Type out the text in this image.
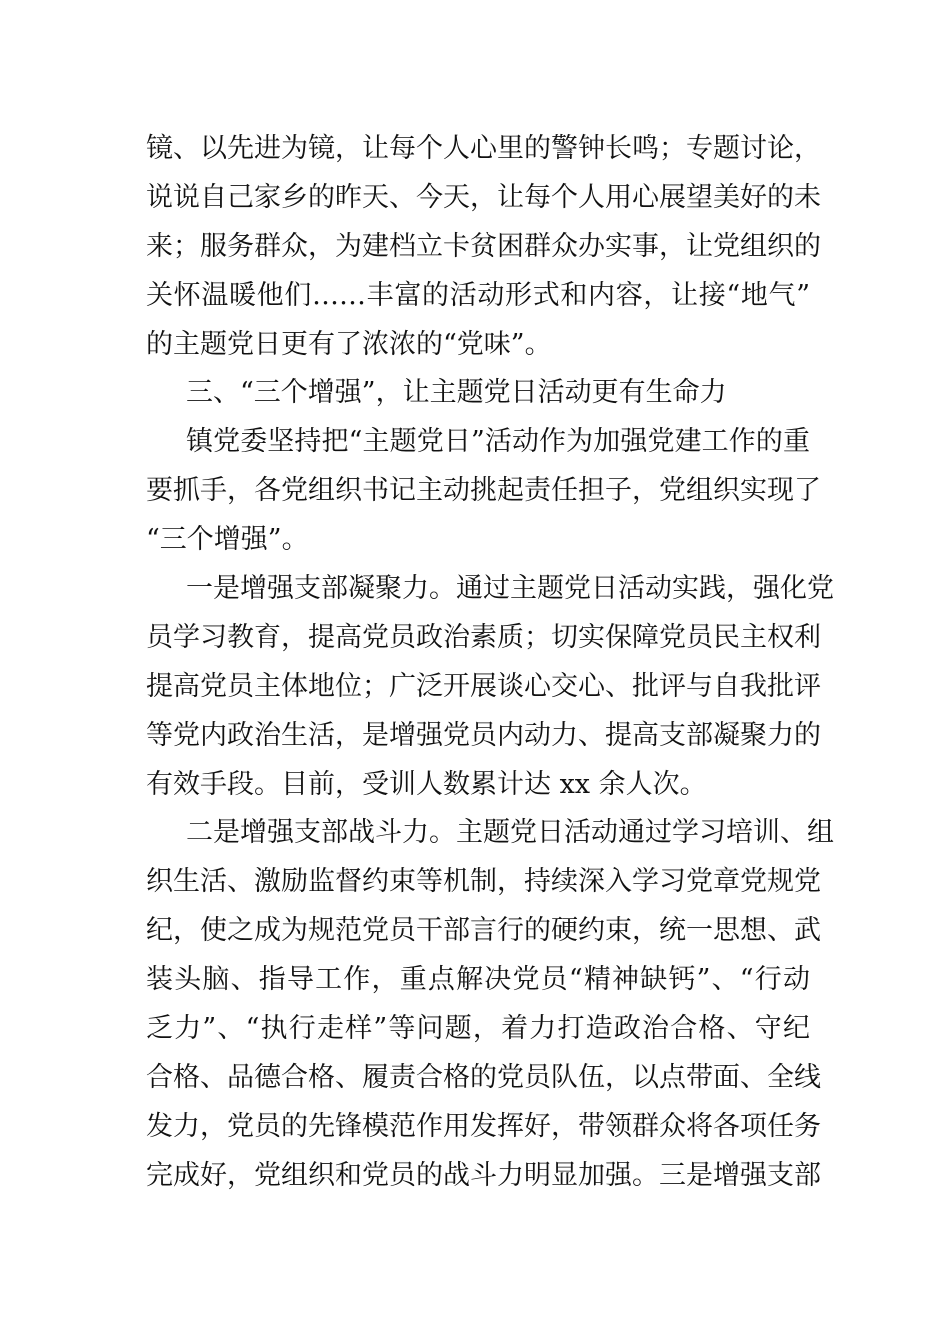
镜、以先进为镜，让每个人心里的警钟长鸣；专题讨论，
说说自己家乡的昨天、今天，让每个人用心展望美好的未
来；服务群众，为建档立卡贫困群众办实事，让党组织的
关怀温暖他们……丰富的活动形式和内容，让接“地气”
的主题党日更有了浓浓的“党味”。
三、“三个增强”，让主题党日活动更有生命力
镇党委坚持把“主题党日”活动作为加强党建工作的重
要抓手，各党组织书记主动挑起责任担子，党组织实现了
“三个增强”。
一是增强支部凝聚力。通过主题党日活动实践，强化党
员学习教育，提高党员政治素质；切实保障党员民主权利
提高党员主体地位；广泛开展谈心交心、批评与自我批评
等党内政治生活，是增强党员内动力、提高支部凝聚力的
有效手段。目前，受训人数累计达 xx 余人次。
二是增强支部战斗力。主题党日活动通过学习培训、组
织生活、激励监督约束等机制，持续深入学习党章党规党
纪，使之成为规范党员干部言行的硬约束，统一思想、武
装头脑、指导工作，重点解决党员“精神缺钙”、“行动
乏力”、“执行走样”等问题，着力打造政治合格、守纪
合格、品德合格、履责合格的党员队伍，以点带面、全线
发力，党员的先锋模范作用发挥好，带领群众将各项任务
完成好，党组织和党员的战斗力明显加强。三是增强支部
